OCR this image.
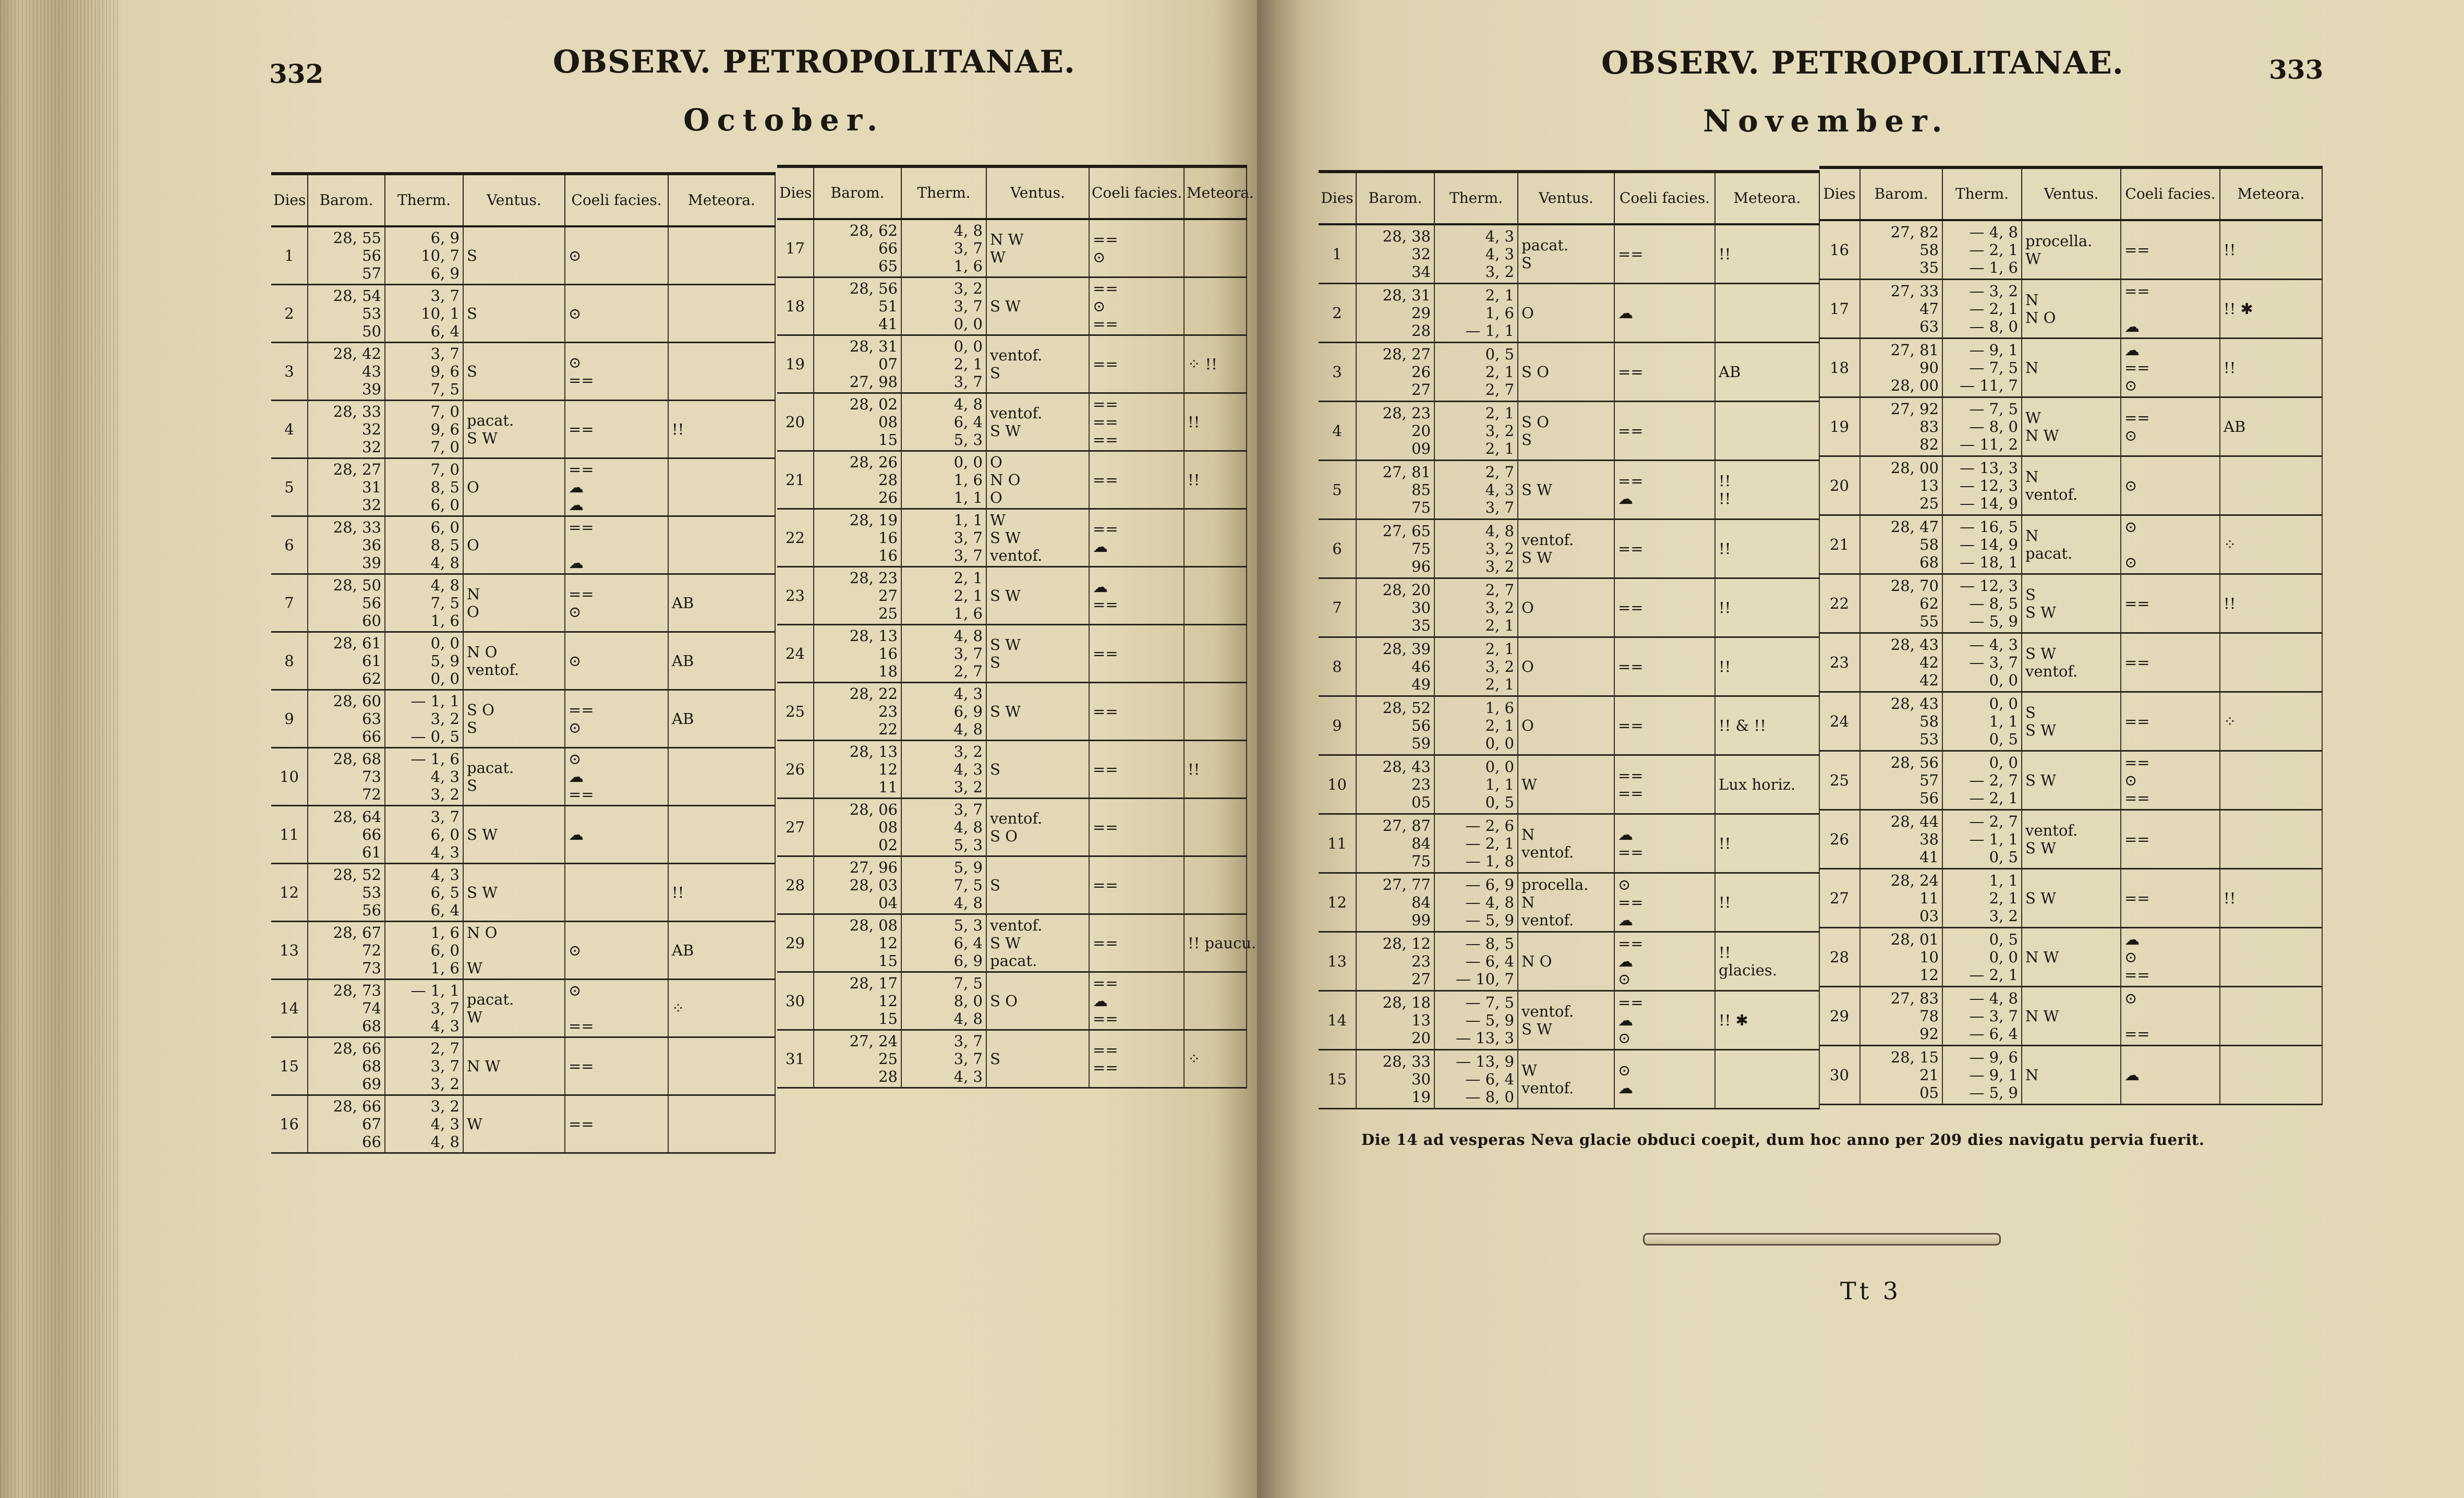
332	OBSERV. PETROPOLITANAE.
October.
Dies	Barom.	Therm.	Ventus.	Coeli facies.	Meteora.
1	28, 55
56
57	6, 9
10, 7
6, 9	S	⊙	
2	28, 54
53
50	3, 7
10, 1
6, 4	S	⊙	
3	28, 42
43
39	3, 7
9, 6
7, 5	S	⊙
==	
4	28, 33
32
32	7, 0
9, 6
7, 0	pacat.
S W	==	!!
5	28, 27
31
32	7, 0
8, 5
6, 0	O	==
☁
☁	
6	28, 33
36
39	6, 0
8, 5
4, 8	O	==

☁	
7	28, 50
56
60	4, 8
7, 5
1, 6	N
O	==
⊙	AB
8	28, 61
61
62	0, 0
5, 9
0, 0	N O
ventof.	⊙	AB
9	28, 60
63
66	— 1, 1
3, 2
— 0, 5	S O
S	==
⊙	AB
10	28, 68
73
72	— 1, 6
4, 3
3, 2	pacat.
S	⊙
☁
==	
11	28, 64
66
61	3, 7
6, 0
4, 3	S W	☁	
12	28, 52
53
56	4, 3
6, 5
6, 4	S W		!!
13	28, 67
72
73	1, 6
6, 0
1, 6	N O

W	⊙	AB
14	28, 73
74
68	— 1, 1
3, 7
4, 3	pacat.
W	⊙

==	⁘
15	28, 66
68
69	2, 7
3, 7
3, 2	N W	==	
16	28, 66
67
66	3, 2
4, 3
4, 8	W	==	
Dies	Barom.	Therm.	Ventus.	Coeli facies.	Meteora.
17	28, 62
66
65	4, 8
3, 7
1, 6	N W
W	==
⊙	
18	28, 56
51
41	3, 2
3, 7
0, 0	S W	==
⊙
==	
19	28, 31
07
27, 98	0, 0
2, 1
3, 7	ventof.
S	==	⁘ !!
20	28, 02
08
15	4, 8
6, 4
5, 3	ventof.
S W	==
==
==	!!
21	28, 26
28
26	0, 0
1, 6
1, 1	O
N O
O	==	!!
22	28, 19
16
16	1, 1
3, 7
3, 7	W
S W
ventof.	==
☁	
23	28, 23
27
25	2, 1
2, 1
1, 6	S W	☁
==	
24	28, 13
16
18	4, 8
3, 7
2, 7	S W
S	==	
25	28, 22
23
22	4, 3
6, 9
4, 8	S W	==	
26	28, 13
12
11	3, 2
4, 3
3, 2	S	==	!!
27	28, 06
08
02	3, 7
4, 8
5, 3	ventof.
S O	==	
28	27, 96
28, 03
04	5, 9
7, 5
4, 8	S	==	
29	28, 08
12
15	5, 3
6, 4
6, 9	ventof.
S W
pacat.	==	!! paucu.
30	28, 17
12
15	7, 5
8, 0
4, 8	S O	==
☁
==	
31	27, 24
25
28	3, 7
3, 7
4, 3	S	==
==	⁘
OBSERV. PETROPOLITANAE.	333
November.
Dies	Barom.	Therm.	Ventus.	Coeli facies.	Meteora.
1	28, 38
32
34	4, 3
4, 3
3, 2	pacat.
S	==	!!
2	28, 31
29
28	2, 1
1, 6
— 1, 1	O	☁	
3	28, 27
26
27	0, 5
2, 1
2, 7	S O	==	AB
4	28, 23
20
09	2, 1
3, 2
2, 1	S O
S	==	
5	27, 81
85
75	2, 7
4, 3
3, 7	S W	==
☁	!!
!!
6	27, 65
75
96	4, 8
3, 2
3, 2	ventof.
S W	==	!!
7	28, 20
30
35	2, 7
3, 2
2, 1	O	==	!!
8	28, 39
46
49	2, 1
3, 2
2, 1	O	==	!!
9	28, 52
56
59	1, 6
2, 1
0, 0	O	==	!! & !!
10	28, 43
23
05	0, 0
1, 1
0, 5	W	==
==	Lux horiz.
11	27, 87
84
75	— 2, 6
— 2, 1
— 1, 8	N
ventof.	☁
==	!!
12	27, 77
84
99	— 6, 9
— 4, 8
— 5, 9	procella.
N
ventof.	⊙
==
☁	!!
13	28, 12
23
27	— 8, 5
— 6, 4
— 10, 7	N O	==
☁
⊙	!!
glacies.
14	28, 18
13
20	— 7, 5
— 5, 9
— 13, 3	ventof.
S W	==
☁
⊙	!! ✱
15	28, 33
30
19	— 13, 9
— 6, 4
— 8, 0	W
ventof.	⊙
☁	
Dies	Barom.	Therm.	Ventus.	Coeli facies.	Meteora.
16	27, 82
58
35	— 4, 8
— 2, 1
— 1, 6	procella.
W	==	!!
17	27, 33
47
63	— 3, 2
— 2, 1
— 8, 0	N
N O	==

☁	!! ✱
18	27, 81
90
28, 00	— 9, 1
— 7, 5
— 11, 7	N	☁
==
⊙	!!
19	27, 92
83
82	— 7, 5
— 8, 0
— 11, 2	W
N W	==
⊙	AB
20	28, 00
13
25	— 13, 3
— 12, 3
— 14, 9	N
ventof.	⊙	
21	28, 47
58
68	— 16, 5
— 14, 9
— 18, 1	N
pacat.	⊙

⊙	⁘
22	28, 70
62
55	— 12, 3
— 8, 5
— 5, 9	S
S W	==	!!
23	28, 43
42
42	— 4, 3
— 3, 7
0, 0	S W
ventof.	==	
24	28, 43
58
53	0, 0
1, 1
0, 5	S
S W	==	⁘
25	28, 56
57
56	0, 0
— 2, 7
— 2, 1	S W	==
⊙
==	
26	28, 44
38
41	— 2, 7
— 1, 1
0, 5	ventof.
S W	==	
27	28, 24
11
03	1, 1
2, 1
3, 2	S W	==	!!
28	28, 01
10
12	0, 5
0, 0
— 2, 1	N W	☁
⊙
==	
29	27, 83
78
92	— 4, 8
— 3, 7
— 6, 4	N W	⊙

==	
30	28, 15
21
05	— 9, 6
— 9, 1
— 5, 9	N	☁	
Die 14 ad vesperas Neva glacie obduci coepit, dum hoc anno per 209 dies navigatu pervia fuerit.
Tt 3
